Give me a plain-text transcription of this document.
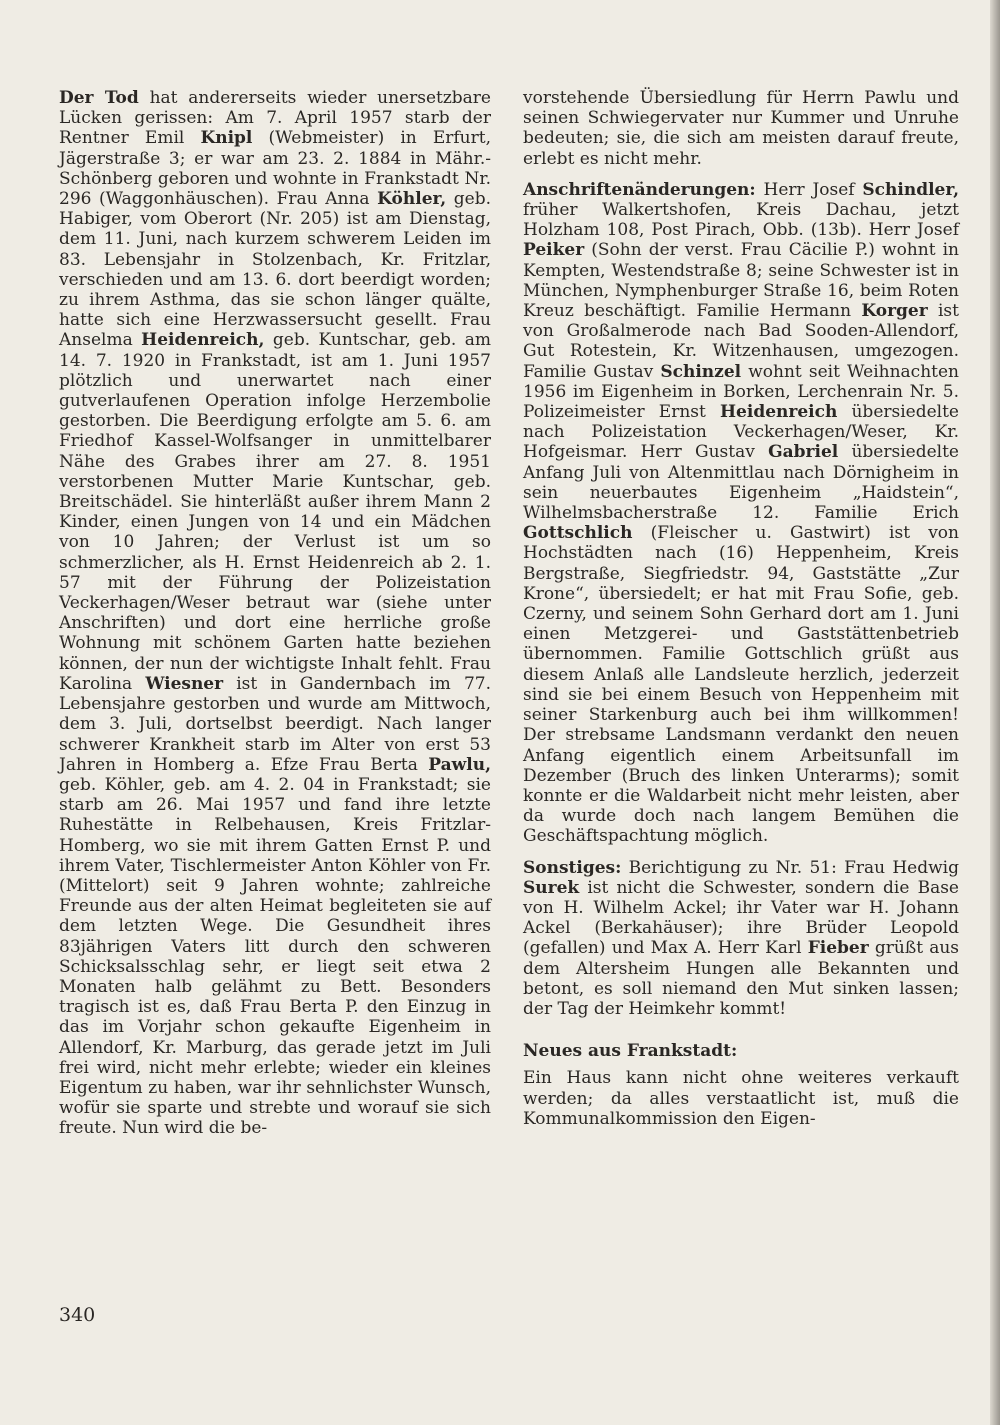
Der Tod hat andererseits wieder unersetzbare Lücken gerissen: Am 7. April 1957 starb der Rentner Emil Knipl (Webmeister) in Erfurt, Jägerstraße 3; er war am 23. 2. 1884 in Mähr.-Schönberg geboren und wohnte in Frankstadt Nr. 296 (Waggonhäuschen). Frau Anna Köhler, geb. Habiger, vom Oberort (Nr. 205) ist am Dienstag, dem 11. Juni, nach kurzem schwerem Leiden im 83. Lebensjahr in Stolzenbach, Kr. Fritzlar, verschieden und am 13. 6. dort beerdigt worden; zu ihrem Asthma, das sie schon länger quälte, hatte sich eine Herzwassersucht gesellt. Frau Anselma Heidenreich, geb. Kuntschar, geb. am 14. 7. 1920 in Frankstadt, ist am 1. Juni 1957 plötzlich und unerwartet nach einer gutverlaufenen Operation infolge Herzembolie gestorben. Die Beerdigung erfolgte am 5. 6. am Friedhof Kassel-Wolfsanger in unmittelbarer Nähe des Grabes ihrer am 27. 8. 1951 verstorbenen Mutter Marie Kuntschar, geb. Breitschädel. Sie hinterläßt außer ihrem Mann 2 Kinder, einen Jungen von 14 und ein Mädchen von 10 Jahren; der Verlust ist um so schmerzlicher, als H. Ernst Heidenreich ab 2. 1. 57 mit der Führung der Polizeistation Veckerhagen/Weser betraut war (siehe unter Anschriften) und dort eine herrliche große Wohnung mit schönem Garten hatte beziehen können, der nun der wichtigste Inhalt fehlt. Frau Karolina Wiesner ist in Gandernbach im 77. Lebensjahre gestorben und wurde am Mittwoch, dem 3. Juli, dortselbst beerdigt. Nach langer schwerer Krankheit starb im Alter von erst 53 Jahren in Homberg a. Efze Frau Berta Pawlu, geb. Köhler, geb. am 4. 2. 04 in Frankstadt; sie starb am 26. Mai 1957 und fand ihre letzte Ruhestätte in Relbehausen, Kreis Fritzlar-Homberg, wo sie mit ihrem Gatten Ernst P. und ihrem Vater, Tischlermeister Anton Köhler von Fr. (Mittelort) seit 9 Jahren wohnte; zahlreiche Freunde aus der alten Heimat begleiteten sie auf dem letzten Wege. Die Gesundheit ihres 83jährigen Vaters litt durch den schweren Schicksalsschlag sehr, er liegt seit etwa 2 Monaten halb gelähmt zu Bett. Besonders tragisch ist es, daß Frau Berta P. den Einzug in das im Vorjahr schon gekaufte Eigenheim in Allendorf, Kr. Marburg, das gerade jetzt im Juli frei wird, nicht mehr erlebte; wieder ein kleines Eigentum zu haben, war ihr sehnlichster Wunsch, wofür sie sparte und strebte und worauf sie sich freute. Nun wird die be-

vorstehende Übersiedlung für Herrn Pawlu und seinen Schwiegervater nur Kummer und Unruhe bedeuten; sie, die sich am meisten darauf freute, erlebt es nicht mehr.

Anschriftenänderungen: Herr Josef Schindler, früher Walkertshofen, Kreis Dachau, jetzt Holzham 108, Post Pirach, Obb. (13b). Herr Josef Peiker (Sohn der verst. Frau Cäcilie P.) wohnt in Kempten, Westendstraße 8; seine Schwester ist in München, Nymphenburger Straße 16, beim Roten Kreuz beschäftigt. Familie Hermann Korger ist von Großalmerode nach Bad Sooden-Allendorf, Gut Rotestein, Kr. Witzenhausen, umgezogen. Familie Gustav Schinzel wohnt seit Weihnachten 1956 im Eigenheim in Borken, Lerchenrain Nr. 5. Polizeimeister Ernst Heidenreich übersiedelte nach Polizeistation Veckerhagen/Weser, Kr. Hofgeismar. Herr Gustav Gabriel übersiedelte Anfang Juli von Altenmittlau nach Dörnigheim in sein neuerbautes Eigenheim „Haidstein“, Wilhelmsbacherstraße 12. Familie Erich Gottschlich (Fleischer u. Gastwirt) ist von Hochstädten nach (16) Heppenheim, Kreis Bergstraße, Siegfriedstr. 94, Gaststätte „Zur Krone“, übersiedelt; er hat mit Frau Sofie, geb. Czerny, und seinem Sohn Gerhard dort am 1. Juni einen Metzgerei- und Gaststättenbetrieb übernommen. Familie Gottschlich grüßt aus diesem Anlaß alle Landsleute herzlich, jederzeit sind sie bei einem Besuch von Heppenheim mit seiner Starkenburg auch bei ihm willkommen! Der strebsame Landsmann verdankt den neuen Anfang eigentlich einem Arbeitsunfall im Dezember (Bruch des linken Unterarms); somit konnte er die Waldarbeit nicht mehr leisten, aber da wurde doch nach langem Bemühen die Geschäftspachtung möglich.

Sonstiges: Berichtigung zu Nr. 51: Frau Hedwig Surek ist nicht die Schwester, sondern die Base von H. Wilhelm Ackel; ihr Vater war H. Johann Ackel (Berkahäuser); ihre Brüder Leopold (gefallen) und Max A. Herr Karl Fieber grüßt aus dem Altersheim Hungen alle Bekannten und betont, es soll niemand den Mut sinken lassen; der Tag der Heimkehr kommt!

Neues aus Frankstadt:

Ein Haus kann nicht ohne weiteres verkauft werden; da alles verstaatlicht ist, muß die Kommunalkommission den Eigen-

340
